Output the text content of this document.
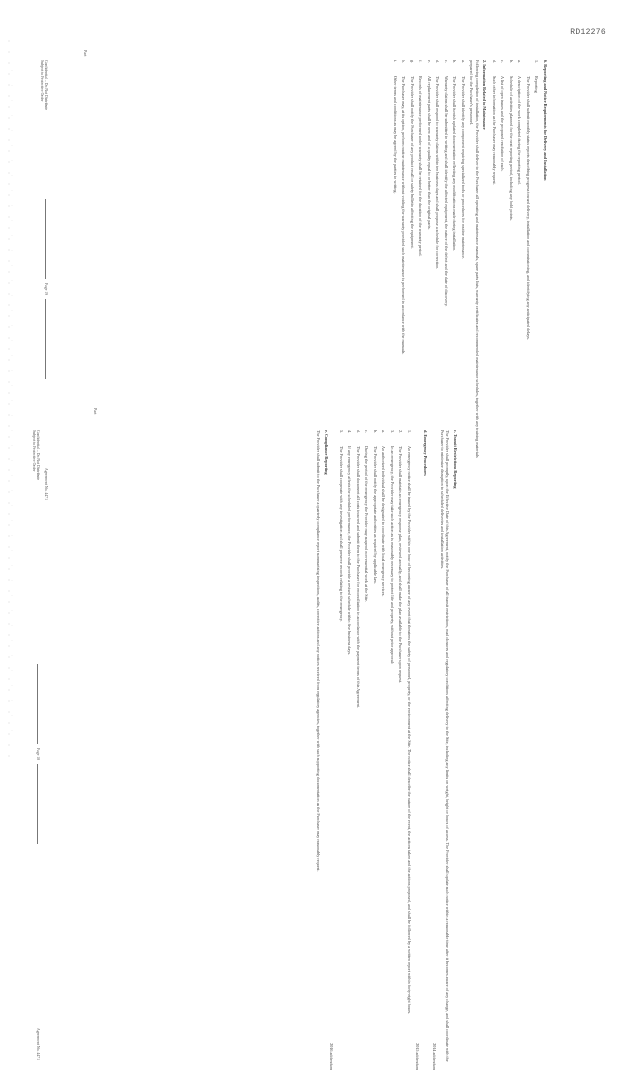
RD12276
Part
c. Transit Restrictions Reporting

The Provider shall promptly, upon the Effective Date of this Agreement, notify the Purchaser of all transit restrictions, road closures and regulatory conditions affecting delivery to the Site, including any limits on weight, height or hours of access. The Provider shall update such notice within a reasonable time after it becomes aware of any change, and shall coordinate with the Purchaser to minimize disruption to scheduled deliveries and installation activities.

2014 addendum
d. Emergency Procedures
2015 addendum
1.
An emergency notice shall be issued by the Provider within one hour of becoming aware of any event that threatens the safety of personnel, property, or the environment at the Site. The notice shall describe the nature of the event, the actions taken and the actions proposed, and shall be followed by a written report within forty-eight hours.
2.
The Provider shall maintain an emergency response plan, reviewed annually, and shall make the plan available to the Purchaser upon request.
3.
In an emergency, the Provider may take such action as is reasonably necessary to protect life and property, without prior approval:
a.
An authorized individual shall be designated to coordinate with local emergency services.
b.
The Provider shall notify the appropriate authorities as required by applicable law.
c.
During the period of the emergency the Provider may suspend non-essential work at the Site.
d.
The Provider shall document all costs incurred and submit them to the Purchaser for reconciliation in accordance with the payment terms of this Agreement.
4.
If any emergency affects the scheduled performance, the Provider shall provide a revised schedule within five business days.
5.
The Provider shall cooperate with any investigation and shall preserve records relating to the emergency.
2016 addendum
e. Compliance Reporting

The Provider shall submit to the Purchaser a quarterly compliance report summarizing inspections, audits, corrective actions and any notices received from regulatory agencies, together with such supporting documentation as the Purchaser may reasonably request.

Confidential – Do Not Distribute
Subject to Protective Order
Page 18
Agreement No. 4471
Part
6. Reporting and Notice Requirements for Delivery and Installation
1.
Reporting
The Provider shall submit monthly status reports describing progress toward delivery, installation and commissioning, and identifying any anticipated delays.
a.
A description of the work completed during the reporting period.
b.
Schedule of activities planned for the next reporting period, including any hold points.
c.
A list of open issues and the proposed resolution of each.
d.
Such other information as the Purchaser may reasonably request.
2. Information Related to Maintenance

Following completion of installation, the Provider shall deliver to the Purchaser all operating and maintenance manuals, spare parts lists, warranty certificates and recommended maintenance schedules, together with any training materials prepared for the Purchaser's personnel.

a.
The Provider shall identify any component requiring specialized tools or procedures for routine maintenance.
b.
The Provider shall furnish updated documentation reflecting any modifications made during installation.
c.
Warranty claims shall be submitted in writing and shall identify the affected equipment, the nature of the defect and the date of discovery.
d.
The Provider shall respond to warranty claims within ten business days and shall propose a schedule for correction.
e.
All replacement parts shall be new and of a quality equal to or better than the original parts.
f.
Records of maintenance performed under warranty shall be retained for the duration of the warranty period.
g.
The Provider shall notify the Purchaser of any product recall or safety bulletin affecting the equipment.
h.
The Purchaser may, at its option, perform routine maintenance without voiding the warranty provided such maintenance is performed in accordance with the manuals.
i.
Other terms and conditions as may be agreed by the parties in writing.
Confidential – Do Not Distribute
Subject to Protective Order
Page 19
Agreement No. 4471
